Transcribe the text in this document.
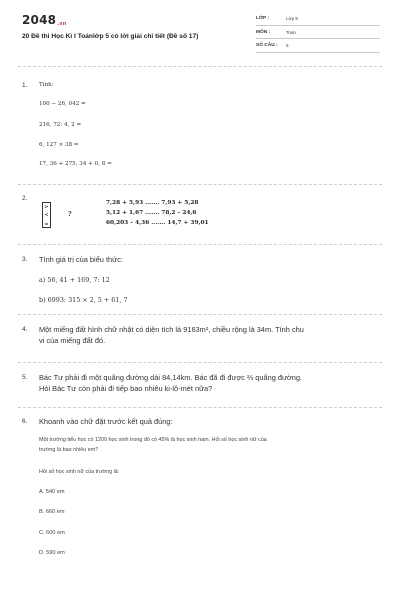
$2048_{.vn}$
20 Đề thi Học Kì I Toánlớp 5 có lời giải chi tiết (Đề số 17)
LỚP :	Lớp 5
MÔN :	Toán
SỐ CÂU : 6
1. Tính:
100 − 26, 042 =
216, 72: 4, 2 =
6, 127 × 38 =
17, 36 + 275, 34 + 0, 8 =
2.
>
<
=
?
7,28 + 5,93 ....... 7,93 + 5,28
5,12 + 1,67 ....... 78,2 – 24,6
60,203 – 4,36 ....... 14,7 + 39,01
3. Tính giá trị của biểu thức:
a) 56, 41 + 169, 7: 12
b) 6993: 315 × 2, 5 + 61, 7
4. Một miếng đất hình chữ nhật có diện tích là 9163m², chiều rộng là 34m. Tính chu
vi của miếng đất đó.
5. Bác Tư phải đi một quãng đường dài 84,14km. Bác đã đi được ⅔ quãng đường.
Hỏi Bác Tư còn phải đi tiếp bao nhiêu ki-lô-mét nữa?
6. Khoanh vào chữ đặt trước kết quả đúng:
Một trường tiểu học có 1200 học sinh trong đó có 45% là học sinh nam. Hỏi số học sinh nữ của
trường là bao nhiêu em?
Hỏi số học sinh nữ của trường là:
A. 540 em
B. 660 em
C. 600 em
D. 590 em
